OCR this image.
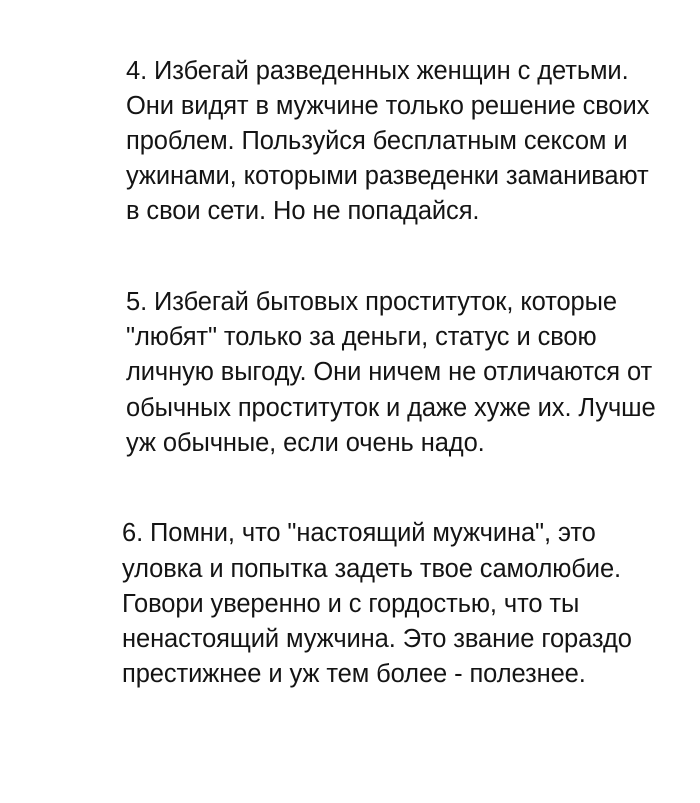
4. Избегай разведенных женщин с детьми. Они видят в мужчине только решение своих проблем. Пользуйся бесплатным сексом и ужинами, которыми разведенки заманивают в свои сети. Но не попадайся.

5. Избегай бытовых проституток, которые "любят" только за деньги, статус и свою личную выгоду. Они ничем не отличаются от обычных проституток и даже хуже их. Лучше уж обычные, если очень надо.

6. Помни, что "настоящий мужчина", это уловка и попытка задеть твое самолюбие. Говори уверенно и с гордостью, что ты ненастоящий мужчина. Это звание гораздо престижнее и уж тем более - полезнее.
